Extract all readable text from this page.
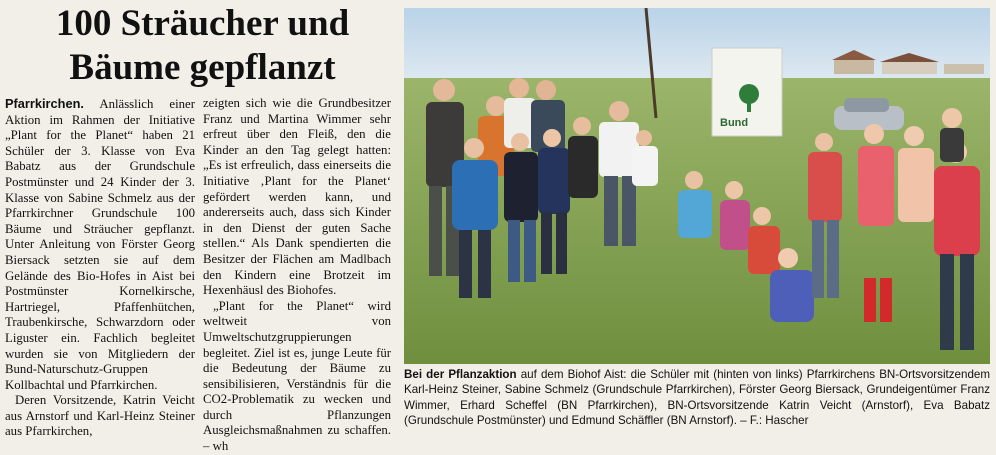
100 Sträucher und
Bäume gepflanzt

Pfarrkirchen. Anlässlich einer Aktion im Rahmen der Initiative „Plant for the Planet“ haben 21 Schüler der 3. Klasse von Eva Babatz aus der Grundschule Postmünster und 24 Kinder der 3. Klasse von Sabine Schmelz aus der Pfarrkirchner Grundschule 100 Bäume und Sträucher gepflanzt. Unter Anleitung von Förster Georg Biersack setzten sie auf dem Gelände des Bio-Hofes in Aist bei Postmünster Kornelkirsche, Hartriegel, Pfaffenhütchen, Traubenkirsche, Schwarzdorn oder Liguster ein. Fachlich begleitet wurden sie von Mitgliedern der Bund-Naturschutz-Gruppen Kollbachtal und Pfarrkirchen.

Deren Vorsitzende, Katrin Veicht aus Arnstorf und Karl-Heinz Steiner aus Pfarrkirchen,

zeigten sich wie die Grundbesitzer Franz und Martina Wimmer sehr erfreut über den Fleiß, den die Kinder an den Tag gelegt hatten: „Es ist erfreulich, dass einerseits die Initiative ‚Plant for the Planet‘ gefördert werden kann, und andererseits auch, dass sich Kinder in den Dienst der guten Sache stellen.“ Als Dank spendierten die Besitzer der Flächen am Madlbach den Kindern eine Brotzeit im Hexenhäusl des Biohofes.

„Plant for the Planet“ wird weltweit von Umweltschutzgruppierungen begleitet. Ziel ist es, junge Leute für die Bedeutung der Bäume zu sensibilisieren, Verständnis für die CO2-Problematik zu wecken und durch Pflanzungen Ausgleichsmaßnahmen zu schaffen. – wh

Bund
Bei der Pflanzaktion auf dem Biohof Aist: die Schüler mit (hinten von links) Pfarrkirchens BN-Ortsvorsitzendem Karl-Heinz Steiner, Sabine Schmelz (Grundschule Pfarrkirchen), Förster Georg Biersack, Grundeigentümer Franz Wimmer, Erhard Scheffel (BN Pfarrkirchen), BN-Ortsvorsitzende Katrin Veicht (Arnstorf), Eva Babatz (Grundschule Postmünster) und Edmund Schäffler (BN Arnstorf). – F.: Hascher
